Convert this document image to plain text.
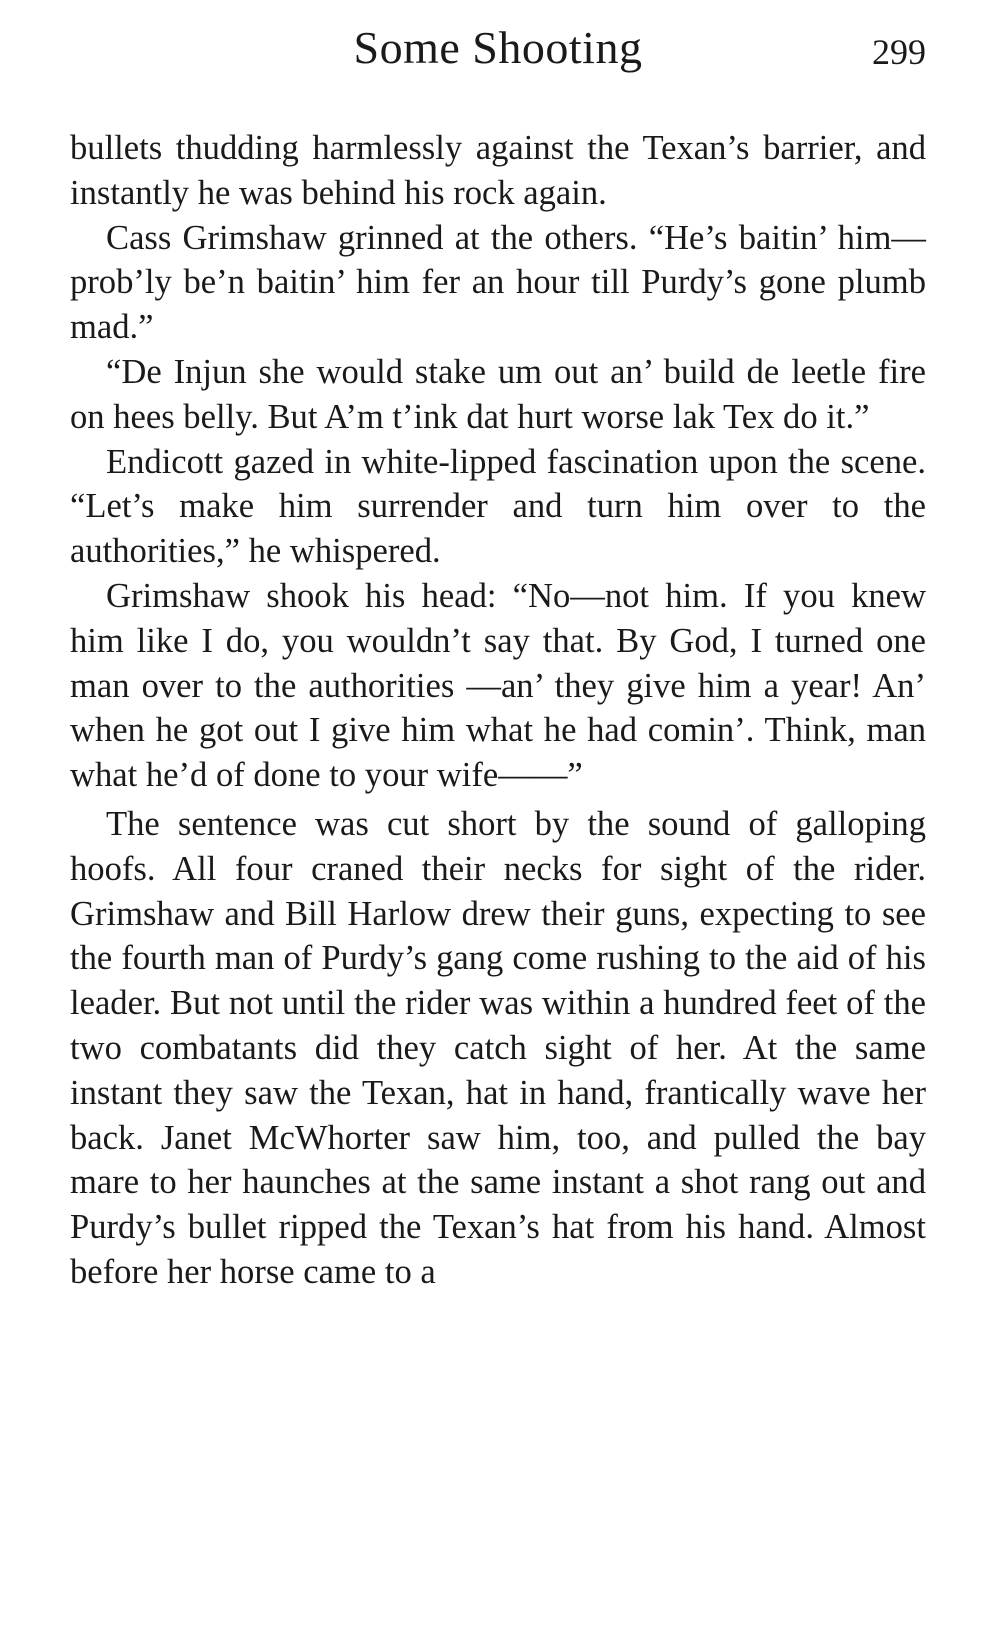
Some Shooting	299

bullets thudding harmlessly against the Texan’s barrier, and instantly he was behind his rock again.

Cass Grimshaw grinned at the others. “He’s baitin’ him—prob’ly be’n baitin’ him fer an hour till Purdy’s gone plumb mad.”

“De Injun she would stake um out an’ build de leetle fire on hees belly. But A’m t’ink dat hurt worse lak Tex do it.”

Endicott gazed in white-lipped fascination upon the scene. “Let’s make him surrender and turn him over to the authorities,” he whispered.

Grimshaw shook his head: “No—not him. If you knew him like I do, you wouldn’t say that. By God, I turned one man over to the authorities —an’ they give him a year! An’ when he got out I give him what he had comin’. Think, man what he’d of done to your wife——”

The sentence was cut short by the sound of galloping hoofs. All four craned their necks for sight of the rider. Grimshaw and Bill Harlow drew their guns, expecting to see the fourth man of Purdy’s gang come rushing to the aid of his leader. But not until the rider was within a hundred feet of the two combatants did they catch sight of her. At the same instant they saw the Texan, hat in hand, frantically wave her back. Janet McWhorter saw him, too, and pulled the bay mare to her haunches at the same instant a shot rang out and Purdy’s bullet ripped the Texan’s hat from his hand. Almost before her horse came to a
